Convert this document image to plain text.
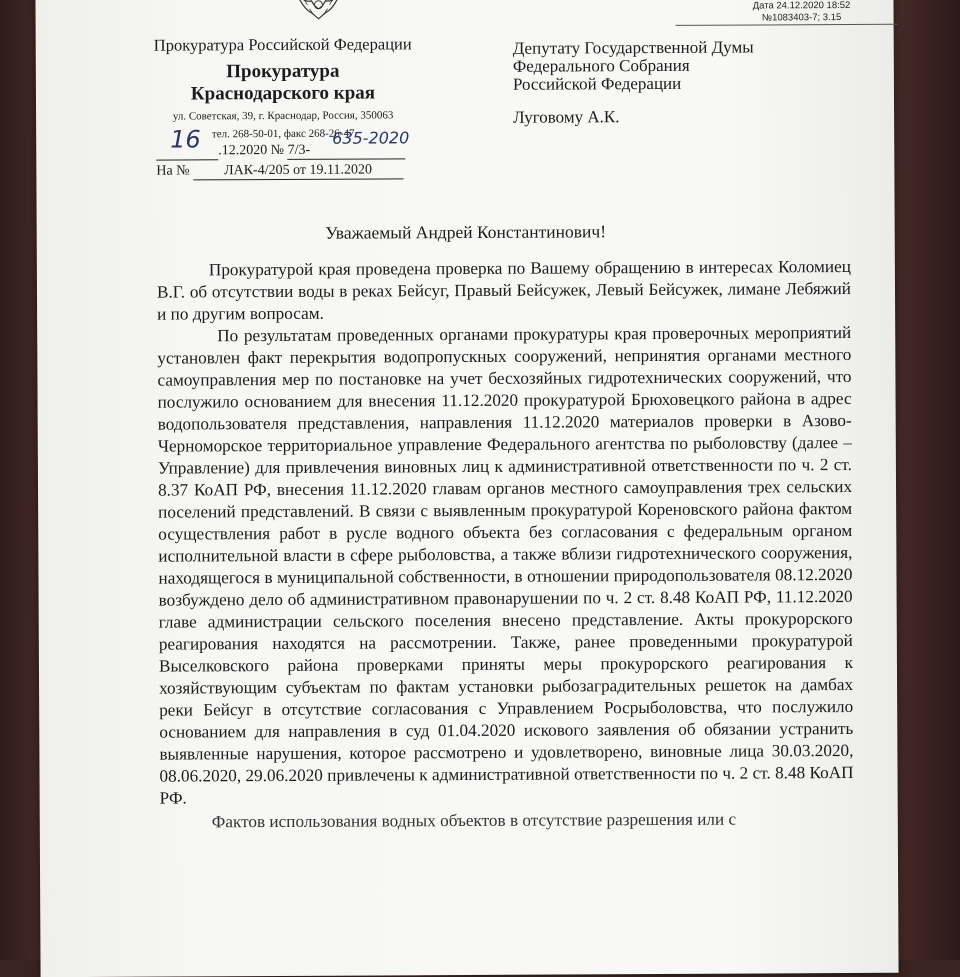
Прокуратура Российской Федерации
Прокуратура
Краснодарского края
ул. Советская, 39, г. Краснодар, Россия, 350063
тел. 268-50-01, факс 268-26-47
.12.2020 № 7/3-
16	635-2020
На № ЛАК-4/205 от 19.11.2020
Дата 24.12.2020 18:52
№1083403-7; 3.15
Депутату Государственной Думы
Федерального Собрания
Российской Федерации
Луговому А.К.
Уважаемый Андрей Константинович!

Прокуратурой края проведена проверка по Вашему обращению в интересах Коломиец В.Г. об отсутствии воды в реках Бейсуг, Правый Бейсужек, Левый Бейсужек, лимане Лебяжий и по другим вопросам.

По результатам проведенных органами прокуратуры края проверочных мероприятий установлен факт перекрытия водопропускных сооружений, непринятия органами местного самоуправления мер по постановке на учет бесхозяйных гидротехнических сооружений, что послужило основанием для внесения 11.12.2020 прокуратурой Брюховецкого района в адрес водопользователя представления, направления 11.12.2020 материалов проверки в Азово-Черноморское территориальное управление Федерального агентства по рыболовству (далее – Управление) для привлечения виновных лиц к административной ответственности по ч. 2 ст. 8.37 КоАП РФ, внесения 11.12.2020 главам органов местного самоуправления трех сельских поселений представлений. В связи с выявленным прокуратурой Кореновского района фактом осуществления работ в русле водного объекта без согласования с федеральным органом исполнительной власти в сфере рыболовства, а также вблизи гидротехнического сооружения, находящегося в муниципальной собственности, в отношении природопользователя 08.12.2020 возбуждено дело об административном правонарушении по ч. 2 ст. 8.48 КоАП РФ, 11.12.2020 главе администрации сельского поселения внесено представление. Акты прокурорского реагирования находятся на рассмотрении. Также, ранее проведенными прокуратурой Выселковского района проверками приняты меры прокурорского реагирования к хозяйствующим субъектам по фактам установки рыбозаградительных решеток на дамбах реки Бейсуг в отсутствие согласования с Управлением Росрыболовства, что послужило основанием для направления в суд 01.04.2020 искового заявления об обязании устранить выявленные нарушения, которое рассмотрено и удовлетворено, виновные лица 30.03.2020, 08.06.2020, 29.06.2020 привлечены к административной ответственности по ч. 2 ст. 8.48 КоАП РФ.

Фактов использования водных объектов в отсутствие разрешения или с
